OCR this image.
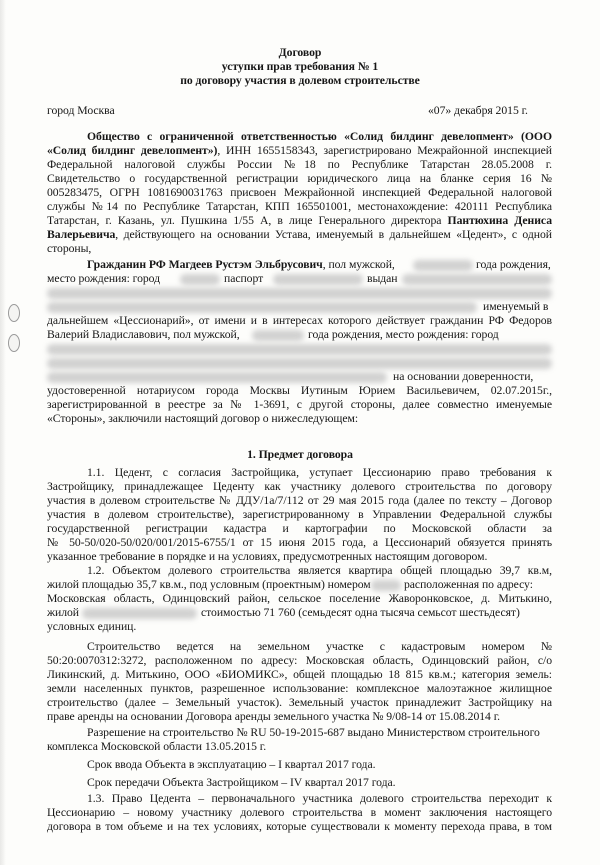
Договор
уступки прав требования № 1
по договору участия в долевом строительстве
город Москва	«07» декабря 2015 г.
Общество с ограниченной ответственностью «Солид билдинг девелопмент» (ООО
«Солид билдинг девелопмент»), ИНН 1655158343, зарегистрировано Межрайонной инспекцией
Федеральной налоговой службы России №18 по Республике Татарстан 28.05.2008 г.
Свидетельство о государственной регистрации юридического лица на бланке серия 16 №
005283475, ОГРН 1081690031763 присвоен Межрайонной инспекцией Федеральной налоговой
службы №14 по Республике Татарстан, КПП 165501001, местонахождение: 420111 Республика
Татарстан, г. Казань, ул. Пушкина 1/55 А, в лице Генерального директора Пантюхина Дениса
Валерьевича, действующего на основании Устава, именуемый в дальнейшем «Цедент», с одной
стороны,
Гражданин РФ Магдеев Рустэм Эльбрусович, пол мужской,	года рождения,
место рождения: город	паспорт	выдан
именуемый в
дальнейшем «Цессионарий», от имени и в интересах которого действует гражданин РФ Федоров
Валерий Владиславович, пол мужской,	года рождения, место рождения: город
на основании доверенности,
удостоверенной нотариусом города Москвы Иутиным Юрием Васильевичем, 02.07.2015г.,
зарегистрированной в реестре за № 1-3691, с другой стороны, далее совместно именуемые
«Стороны», заключили настоящий договор о нижеследующем:
1. Предмет договора
1.1. Цедент, с согласия Застройщика, уступает Цессионарию право требования к
Застройщику, принадлежащее Цеденту как участнику долевого строительства по договору
участия в долевом строительстве № ДДУ/1а/7/112 от 29 мая 2015 года (далее по тексту – Договор
участия в долевом строительстве), зарегистрированному в Управлении Федеральной службы
государственной регистрации кадастра и картографии по Московской области за
№ 50-50/020-50/020/001/2015-6755/1 от 15 июня 2015 года, а Цессионарий обязуется принять
указанное требование в порядке и на условиях, предусмотренных настоящим договором.
1.2. Объектом долевого строительства является квартира общей площадью 39,7 кв.м,
жилой площадью 35,7 кв.м., под условным (проектным) номером	расположенная по адресу:
Московская область, Одинцовский район, сельское поселение Жаворонковское, д. Митькино,
жилой	стоимостью 71 760 (семьдесят одна тысяча семьсот шестьдесят)
условных единиц.
Строительство ведется на земельном участке с кадастровым номером №
50:20:0070312:3272, расположенном по адресу: Московская область, Одинцовский район, с/о
Ликинский, д. Митькино, ООО «БИОМИКС», общей площадью 18 815 кв.м.; категория земель:
земли населенных пунктов, разрешенное использование: комплексное малоэтажное жилищное
строительство (далее – Земельный участок). Земельный участок принадлежит Застройщику на
праве аренды на основании Договора аренды земельного участка № 9/08-14 от 15.08.2014 г.
Разрешение на строительство № RU 50-19-2015-687 выдано Министерством строительного
комплекса Московской области 13.05.2015 г.
Срок ввода Объекта в эксплуатацию – I квартал 2017 года.
Срок передачи Объекта Застройщиком – IV квартал 2017 года.
1.3. Право Цедента – первоначального участника долевого строительства переходит к
Цессионарию – новому участнику долевого строительства в момент заключения настоящего
договора в том объеме и на тех условиях, которые существовали к моменту перехода права, в том
